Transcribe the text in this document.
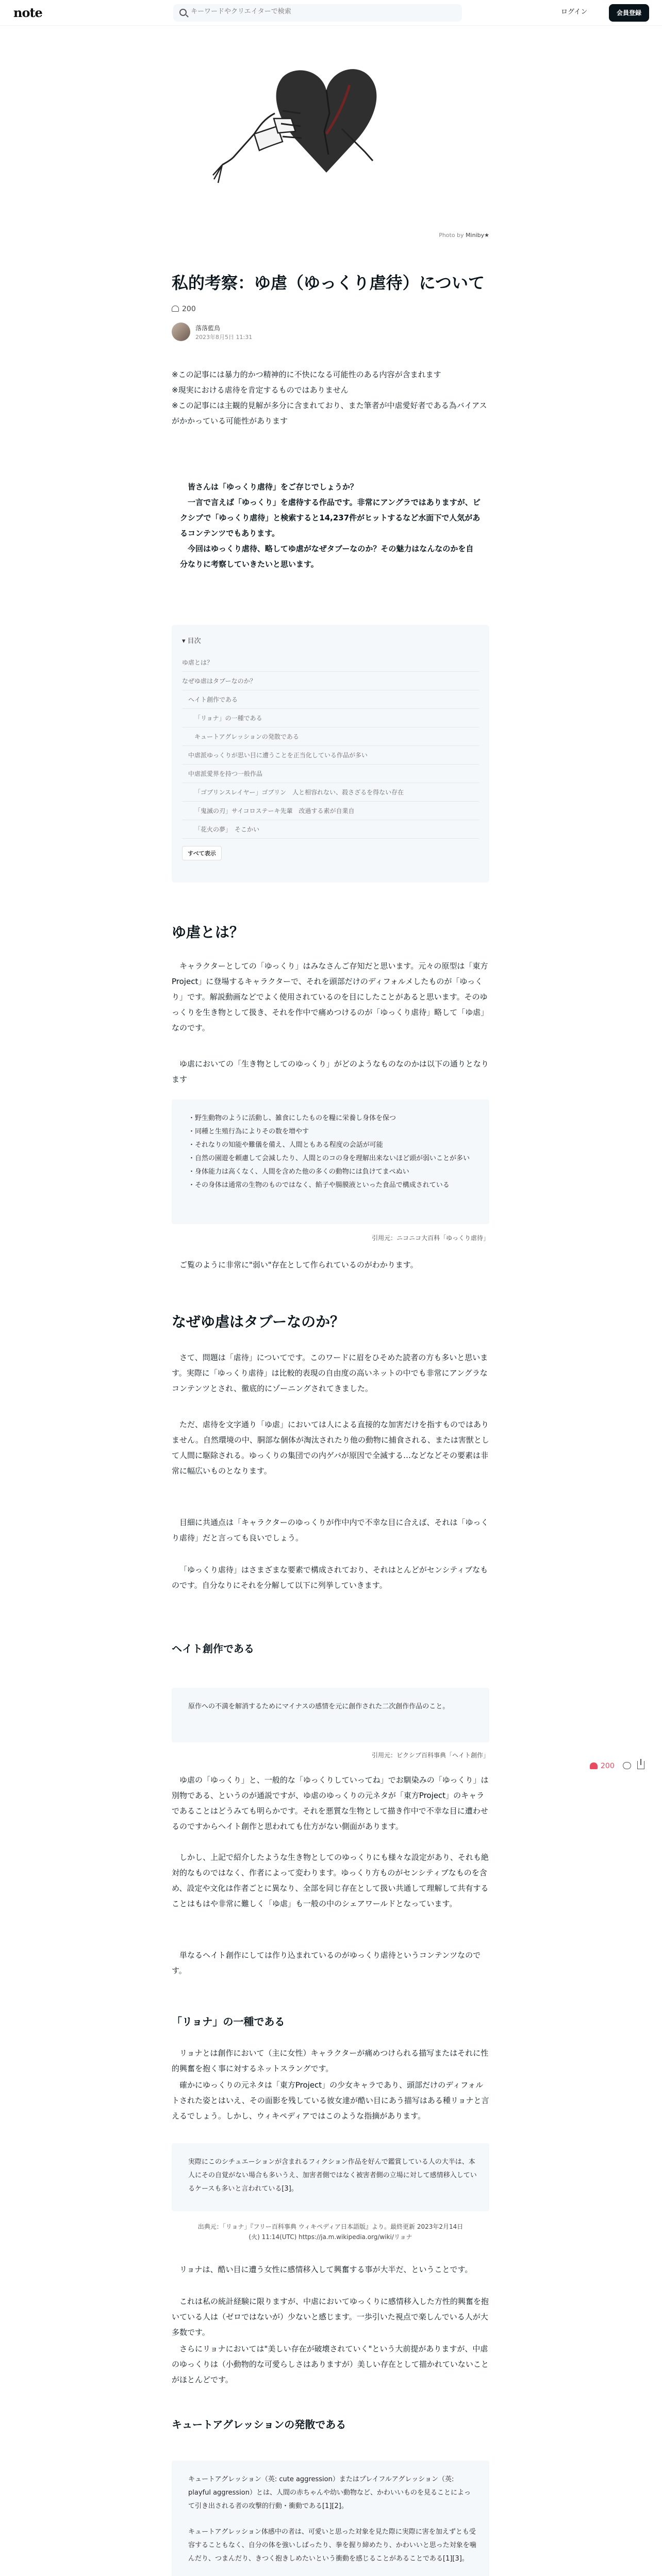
note
キーワードやクリエイターで検索	ログイン	会員登録
Photo by Miniby★
私的考察：ゆ虐（ゆっくり虐待）について
200
落落藍鳥
2023年8月5日 11:31
※この記事には暴力的かつ精神的に不快になる可能性のある内容が含まれます
※現実における虐待を肯定するものではありません
※この記事には主観的見解が多分に含まれており、また筆者が中虐愛好者である為バイアスがかかっている可能性があります
皆さんは「ゆっくり虐待」をご存じでしょうか？
一言で言えば「ゆっくり」を虐待する作品です。非常にアングラではありますが、ピクシブで「ゆっくり虐待」と検索すると14,237件がヒットするなど水面下で人気があるコンテンツでもあります。
今回はゆっくり虐待、略してゆ虐がなぜタブーなのか？その魅力はなんなのかを自分なりに考察していきたいと思います。
▾ 目次
ゆ虐とは？
なぜゆ虐はタブーなのか？
ヘイト創作である
「リョナ」の一種である
キュートアグレッションの発散である
中虐派ゆっくりが思い目に遭うことを正当化している作品が多い
中虐派愛界を持つ一般作品
「ゴブリンスレイヤー」ゴブリン　人と相容れない、殺さざるを得ない存在
「鬼滅の刃」サイコロステーキ先輩　改過する素が自業自
「花火の夢」　そこかい
すべて表示
ゆ虐とは？
キャラクターとしての「ゆっくり」はみなさんご存知だと思います。元々の原型は「東方Project」に登場するキャラクターで、それを頭部だけのディフォルメしたものが「ゆっくり」です。解説動画などでよく使用されているのを目にしたことがあると思います。そのゆっくりを生き物として扱き、それを作中で痛めつけるのが「ゆっくり虐待」略して「ゆ虐」なのです。
ゆ虐においての「生き物としてのゆっくり」がどのようなものなのかは以下の通りとなります
・野生動物のように活動し、雑食にしたものを糧に栄養し身体を保つ
・同種と生殖行為によりその数を増やす
・それなりの知能や難儀を備え、人間ともある程度の会話が可能
・自然の園遊を頼慮して会減したり、人間とのコの身を理解出来ないほど頭が弱いことが多い
・身体能力は高くなく、人間を含めた他の多くの動物には負けてまぺぬい
・その身体は通常の生物のものではなく、餡子や腸膜液といった食品で構成されている
引用元：ニコニコ大百科「ゆっくり虐待」
ご覧のように非常に"弱い"存在として作られているのがわかります。
なぜゆ虐はタブーなのか？
さて、問題は「虐待」についてです。このワードに眉をひそめた読者の方も多いと思います。実際に「ゆっくり虐待」は比較的表現の自由度の高いネットの中でも非常にアングラなコンテンツとされ、徹底的にゾーニングされてきました。
ただ、虐待を文字通り「ゆ虐」においては人による直接的な加害だけを指すものではありません。自然環境の中、胴部な個体が淘汰されたり他の動物に捕食される、または害獣として人間に駆除される。ゆっくりの集団での内ゲバが原因で全滅する…などなどその要素は非常に幅広いものとなります。
目細に共通点は「キャラクターのゆっくりが作中内で不幸な目に合えば、それは「ゆっくり虐待」だと言っても良いでしょう。
「ゆっくり虐待」はさまざまな要素で構成されており、それはとんどがセンシティブなものです。自分なりにそれを分解して以下に列挙していきます。
ヘイト創作である
原作への不満を解消するためにマイナスの感情を元に創作された二次創作作品のこと。
引用元：ピクシブ百科事典「ヘイト創作」
ゆ虐の「ゆっくり」と、一般的な「ゆっくりしていってね」でお馴染みの「ゆっくり」は別物である、というのが通説ですが、ゆ虐のゆっくりの元ネタが「東方Project」のキャラであることはどうみても明らかです。それを悪質な生物として描き作中で不幸な目に遭わせるのですからヘイト創作と思われても仕方がない側面があります。
しかし、上記で紹介したような生き物としてのゆっくりにも様々な設定があり、それも絶対的なものではなく、作者によって変わります。ゆっくり方ものがセンシティブなものを含め、設定や文化は作者ごとに異なり、全部を同じ存在として扱い共通して理解して共有することはもはや非常に難しく「ゆ虐」も一般の中のシェアワールドとなっています。
単なるヘイト創作にしては作り込まれているのがゆっくり虐待というコンテンツなのです。
「リョナ」の一種である
リョナとは創作において（主に女性）キャラクターが痛めつけられる描写またはそれに性的興奮を抱く事に対するネットスラングです。
確かにゆっくりの元ネタは「東方Project」の少女キャラであり、頭部だけのディフォルトされた姿とはいえ、その面影を残している彼女達が酷い目にあう描写はある種リョナと言えるでしょう。しかし、ウィキペディアではこのような指摘があります。
実際にこのシチュエーションが含まれるフィクション作品を好んで鑑賞している人の大半は、本人にその自覚がない場合も多いうえ、加害者側ではなく被害者側の立場に対して感情移入しているケースも多いと言われている[3]。
出典元：「リョナ」『フリー百科事典 ウィキペディア日本語版』より。最終更新 2023年2月14日 (火) 11:14(UTC) https://ja.m.wikipedia.org/wiki/リョナ
リョナは、酷い目に遭う女性に感情移入して興奮する事が大半だ、ということです。
これは私の統計経験に限りますが、中虐においてゆっくりに感情移入した方性的興奮を抱いている人は（ゼロではないが）少ないと感じます。一歩引いた視点で楽しんでいる人が大多数です。
さらにリョナにおいては"美しい存在が破壊されていく"という大前提がありますが、中虐のゆっくりは（小動物的な可愛らしさはありますが）美しい存在として描かれていないことがほとんどです。
キュートアグレッションの発散である
キュートアグレッション（英: cute aggression）またはプレイフルアグレッション（英: playful aggression）とは、人間の赤ちゃんや幼い動物など、かわいいものを見ることによって引き出される者の攻撃的行動・衝動である[1][2]。
キュートアグレッション体感中の者は、可愛いと思った対象を見た際に実際に害を加えずとも受容することもなく、自分の体を強いしばったり、拳を握り締めたり、かわいいと思った対象を噛んだり、つまんだり、きつく抱きしめたいという衝動を感じることがあることである[1][3]。
200
